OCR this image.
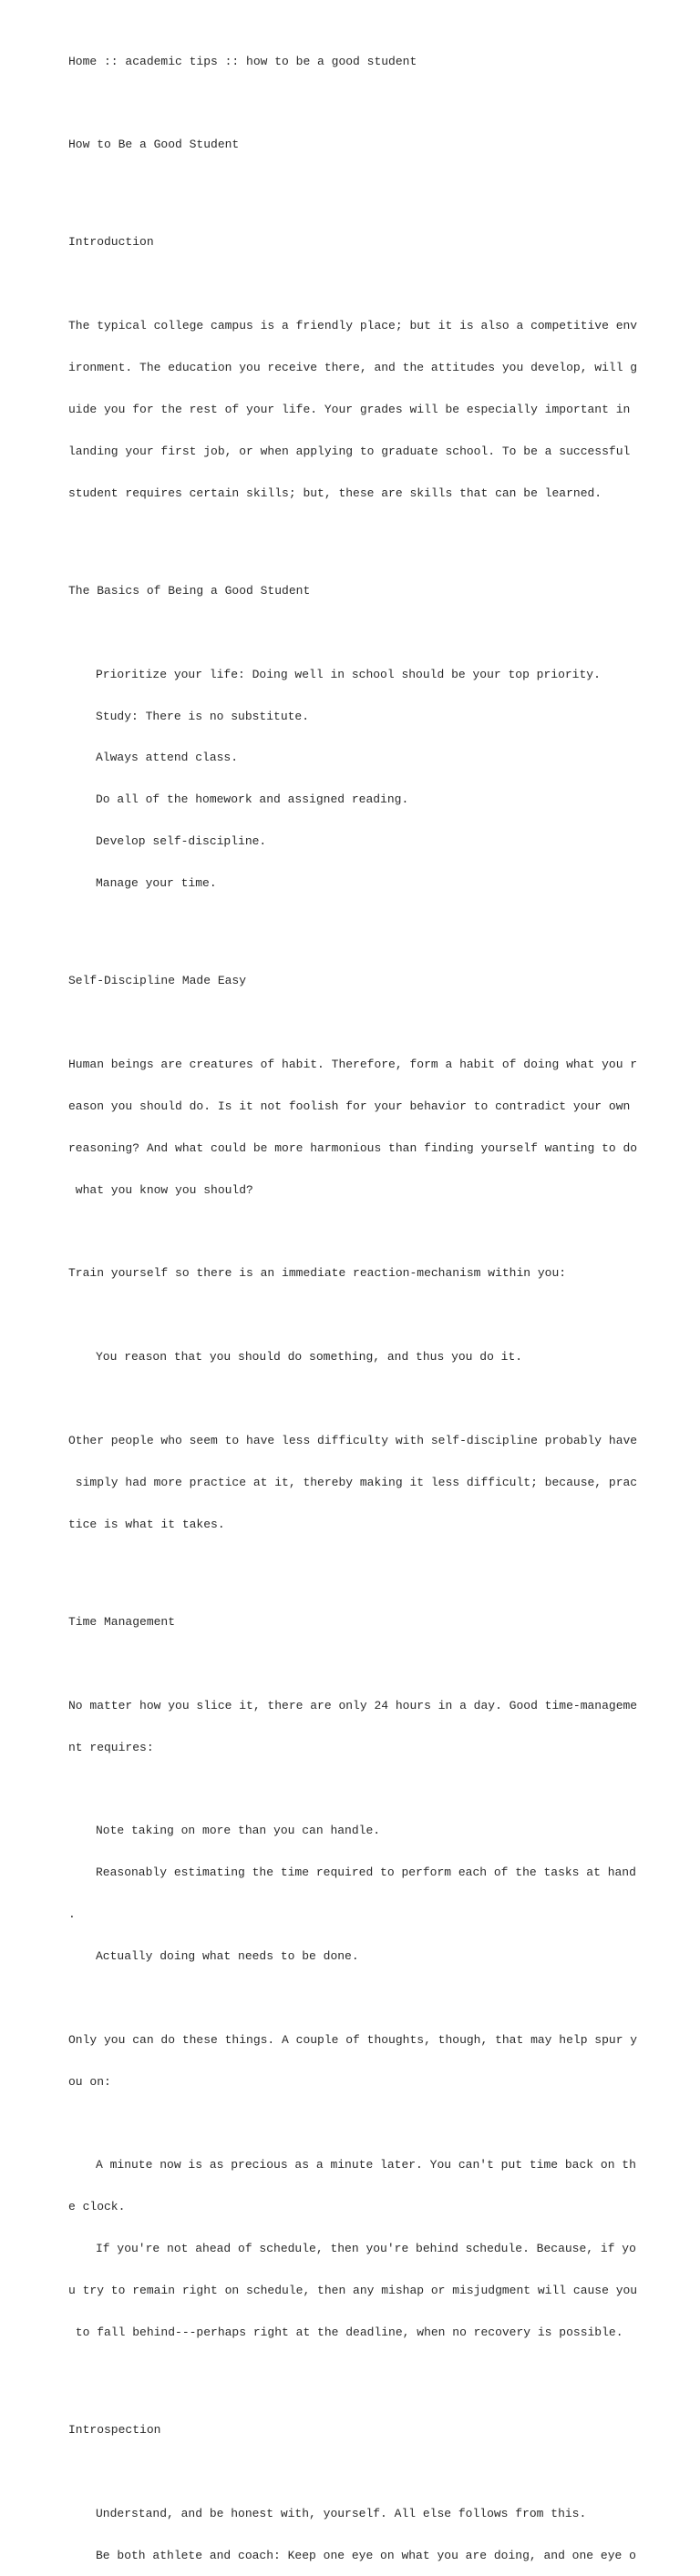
Home :: academic tips :: how to be a good student

How to Be a Good Student

Introduction

The typical college campus is a friendly place; but it is also a competitive env

ironment. The education you receive there, and the attitudes you develop, will g

uide you for the rest of your life. Your grades will be especially important in

landing your first job, or when applying to graduate school. To be a successful

student requires certain skills; but, these are skills that can be learned.

The Basics of Being a Good Student

Prioritize your life: Doing well in school should be your top priority.

Study: There is no substitute.

Always attend class.

Do all of the homework and assigned reading.

Develop self-discipline.

Manage your time.

Self-Discipline Made Easy

Human beings are creatures of habit. Therefore, form a habit of doing what you r

eason you should do. Is it not foolish for your behavior to contradict your own

reasoning? And what could be more harmonious than finding yourself wanting to do

what you know you should?

Train yourself so there is an immediate reaction-mechanism within you:

You reason that you should do something, and thus you do it.

Other people who seem to have less difficulty with self-discipline probably have

simply had more practice at it, thereby making it less difficult; because, prac

tice is what it takes.

Time Management

No matter how you slice it, there are only 24 hours in a day. Good time-manageme

nt requires:

Note taking on more than you can handle.

Reasonably estimating the time required to perform each of the tasks at hand

.

Actually doing what needs to be done.

Only you can do these things. A couple of thoughts, though, that may help spur y

ou on:

A minute now is as precious as a minute later. You can't put time back on th

e clock.

If you're not ahead of schedule, then you're behind schedule. Because, if yo

u try to remain right on schedule, then any mishap or misjudgment will cause you

to fall behind---perhaps right at the deadline, when no recovery is possible.

Introspection

Understand, and be honest with, yourself. All else follows from this.

Be both athlete and coach: Keep one eye on what you are doing, and one eye o
